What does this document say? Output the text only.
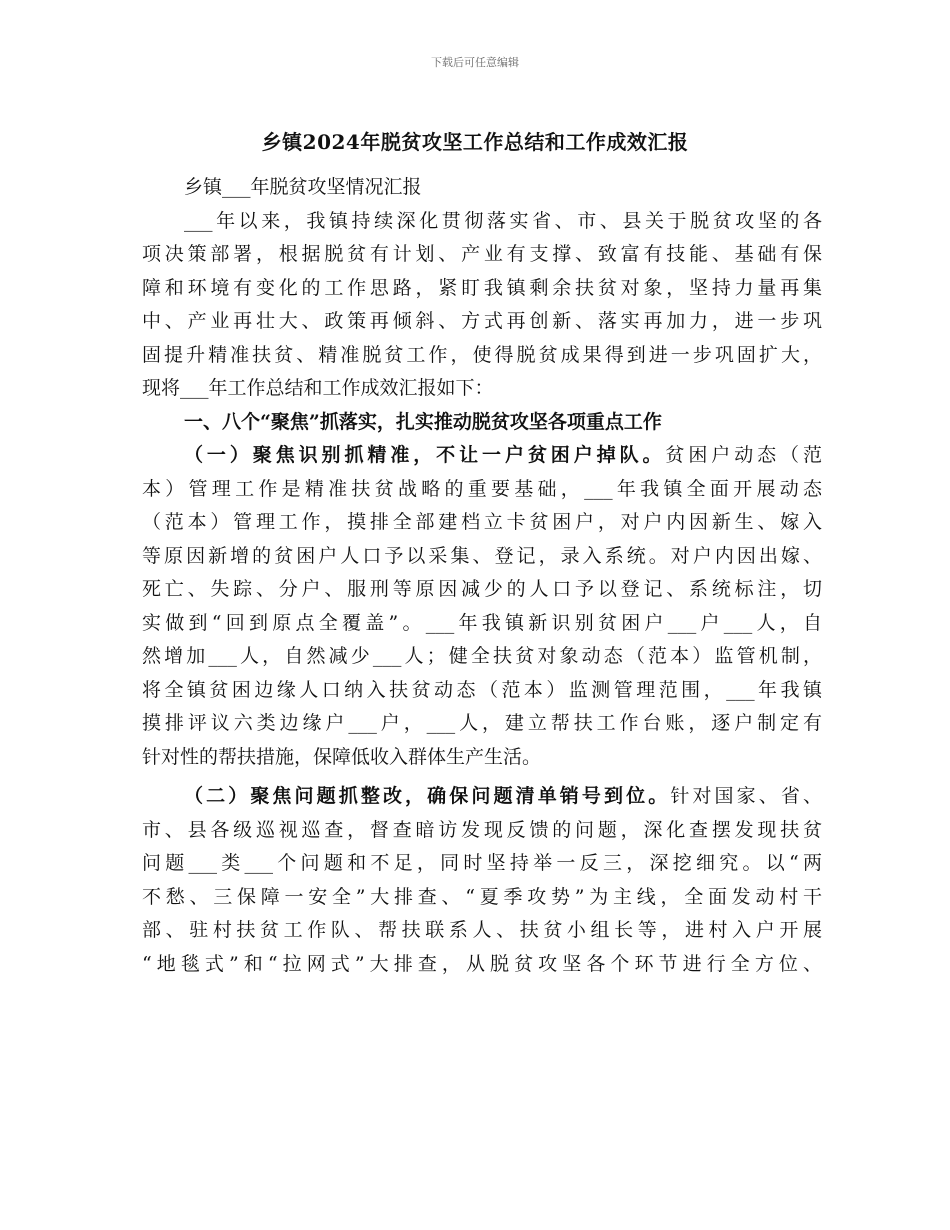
下载后可任意编辑
乡镇2024年脱贫攻坚工作总结和工作成效汇报
乡镇___年脱贫攻坚情况汇报
___年以来，我镇持续深化贯彻落实省、市、县关于脱贫攻坚的各
项决策部署，根据脱贫有计划、产业有支撑、致富有技能、基础有保
障和环境有变化的工作思路，紧盯我镇剩余扶贫对象，坚持力量再集
中、产业再壮大、政策再倾斜、方式再创新、落实再加力，进一步巩
固提升精准扶贫、精准脱贫工作，使得脱贫成果得到进一步巩固扩大，
现将___年工作总结和工作成效汇报如下：
一、八个“聚焦”抓落实，扎实推动脱贫攻坚各项重点工作
（一）聚焦识别抓精准，不让一户贫困户掉队。贫困户动态（范
本）管理工作是精准扶贫战略的重要基础，___年我镇全面开展动态
（范本）管理工作，摸排全部建档立卡贫困户，对户内因新生、嫁入
等原因新增的贫困户人口予以采集、登记，录入系统。对户内因出嫁、
死亡、失踪、分户、服刑等原因减少的人口予以登记、系统标注，切
实做到“回到原点全覆盖”。___年我镇新识别贫困户___户___人，自
然增加___人，自然减少___人；健全扶贫对象动态（范本）监管机制，
将全镇贫困边缘人口纳入扶贫动态（范本）监测管理范围，___年我镇
摸排评议六类边缘户___户，___人，建立帮扶工作台账，逐户制定有
针对性的帮扶措施，保障低收入群体生产生活。
（二）聚焦问题抓整改，确保问题清单销号到位。针对国家、省、
市、县各级巡视巡查，督查暗访发现反馈的问题，深化查摆发现扶贫
问题___类___个问题和不足，同时坚持举一反三，深挖细究。以“两
不愁、三保障一安全”大排查、“夏季攻势”为主线，全面发动村干
部、驻村扶贫工作队、帮扶联系人、扶贫小组长等，进村入户开展
“地毯式”和“拉网式”大排查，从脱贫攻坚各个环节进行全方位、
